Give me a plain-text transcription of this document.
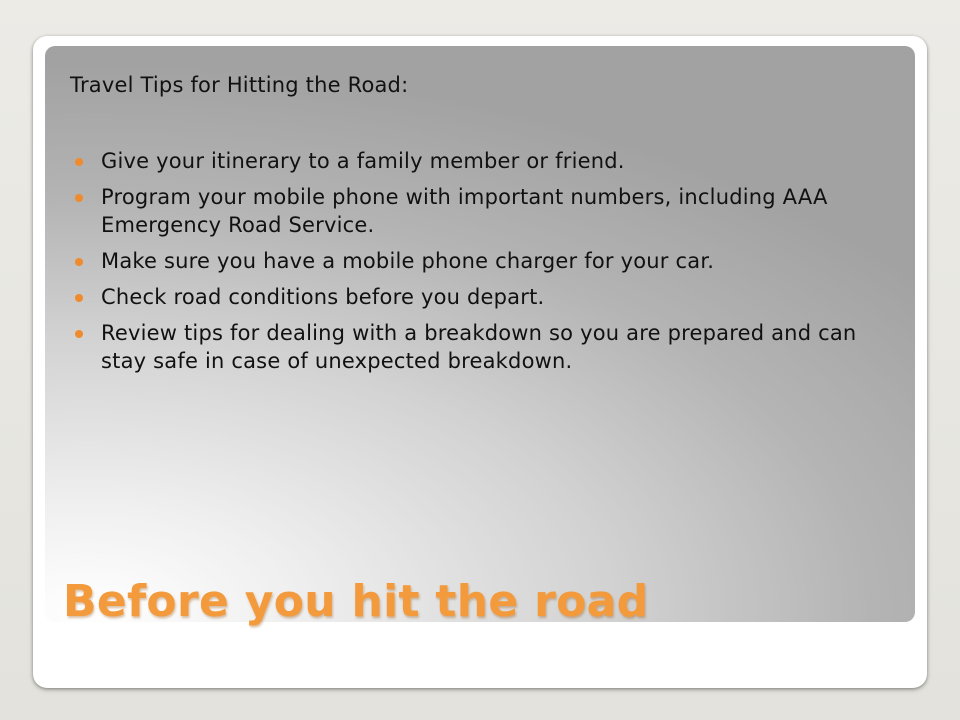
Travel Tips for Hitting the Road:

Give your itinerary to a family member or friend.
Program your mobile phone with important numbers, including AAA Emergency Road Service.
Make sure you have a mobile phone charger for your car.
Check road conditions before you depart.
Review tips for dealing with a breakdown so you are prepared and can stay safe in case of unexpected breakdown.
Before you hit the road
